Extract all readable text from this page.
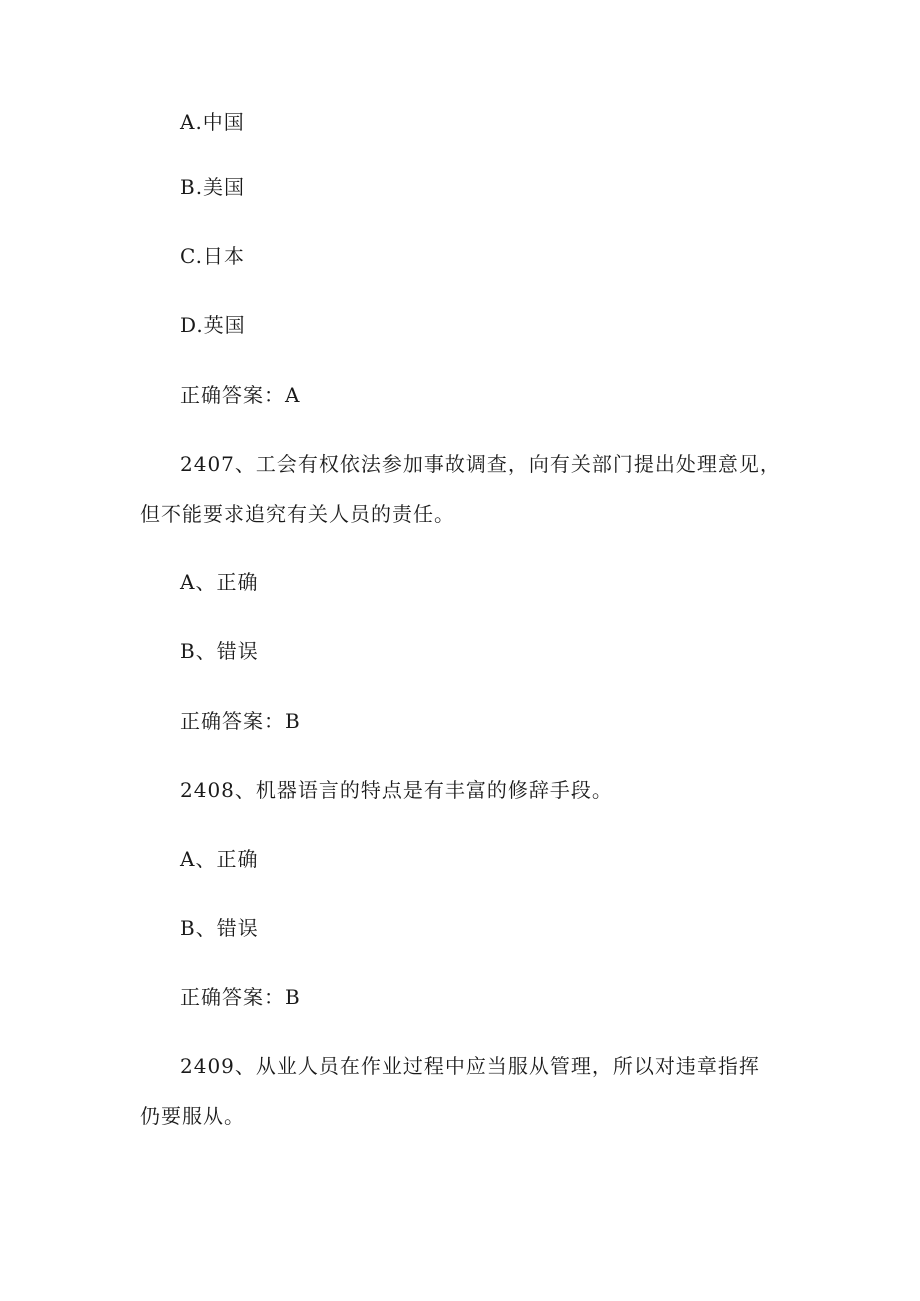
A.中国
B.美国
C.日本
D.英国
正确答案：A
2407、工会有权依法参加事故调查，向有关部门提出处理意见，
但不能要求追究有关人员的责任。
A、正确
B、错误
正确答案：B
2408、机器语言的特点是有丰富的修辞手段。
A、正确
B、错误
正确答案：B
2409、从业人员在作业过程中应当服从管理，所以对违章指挥
仍要服从。
